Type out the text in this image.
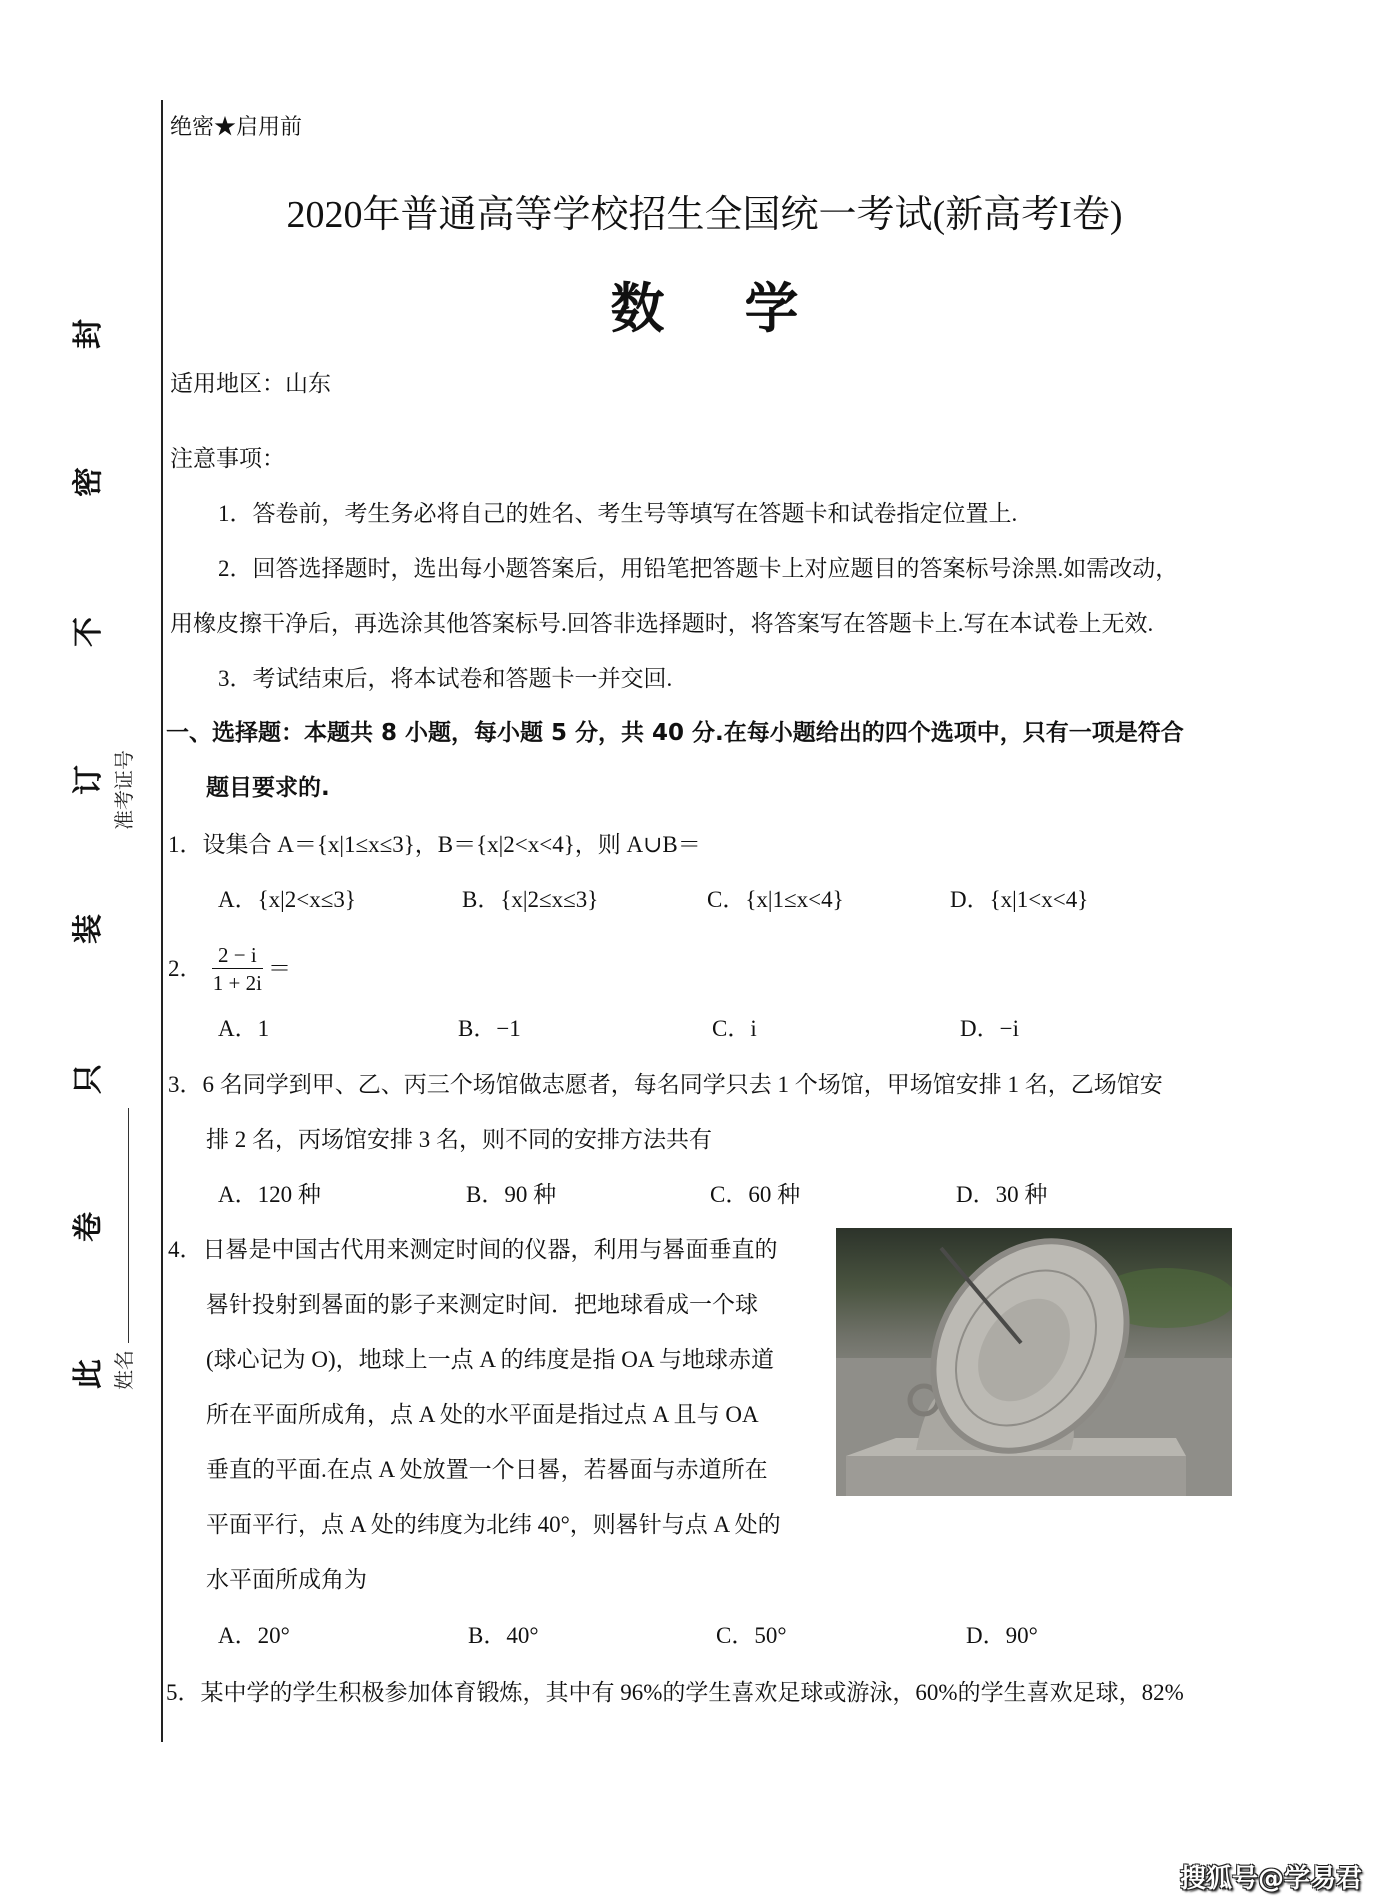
封
密
不
订
装
只
卷
此
准考证号
姓名
绝密★启用前
2020年普通高等学校招生全国统一考试(新高考I卷)
数学
适用地区：山东
注意事项：
1．答卷前，考生务必将自己的姓名、考生号等填写在答题卡和试卷指定位置上.
2．回答选择题时，选出每小题答案后，用铅笔把答题卡上对应题目的答案标号涂黑.如需改动，
用橡皮擦干净后，再选涂其他答案标号.回答非选择题时，将答案写在答题卡上.写在本试卷上无效.
3．考试结束后，将本试卷和答题卡一并交回.
一、选择题：本题共 8 小题，每小题 5 分，共 40 分.在每小题给出的四个选项中，只有一项是符合
题目要求的.
1．设集合 A＝{x|1≤x≤3}，B＝{x|2<x<4}，则 A∪B＝
A．{x|2<x≤3}	B．{x|2≤x≤3}	C．{x|1≤x<4}	D．{x|1<x<4}
2． $\frac{2 - i}{1 + 2i}$ ＝
A．1	B．−1	C．i	D．−i
3．6 名同学到甲、乙、丙三个场馆做志愿者，每名同学只去 1 个场馆，甲场馆安排 1 名，乙场馆安
排 2 名，丙场馆安排 3 名，则不同的安排方法共有
A．120 种	B．90 种	C．60 种	D．30 种
4．日晷是中国古代用来测定时间的仪器，利用与晷面垂直的
晷针投射到晷面的影子来测定时间．把地球看成一个球
(球心记为 O)，地球上一点 A 的纬度是指 OA 与地球赤道
所在平面所成角，点 A 处的水平面是指过点 A 且与 OA
垂直的平面.在点 A 处放置一个日晷，若晷面与赤道所在
平面平行，点 A 处的纬度为北纬 40°，则晷针与点 A 处的
水平面所成角为
A．20°	B．40°	C．50°	D．90°
5．某中学的学生积极参加体育锻炼，其中有 96%的学生喜欢足球或游泳，60%的学生喜欢足球，82%
搜狐号@学易君
